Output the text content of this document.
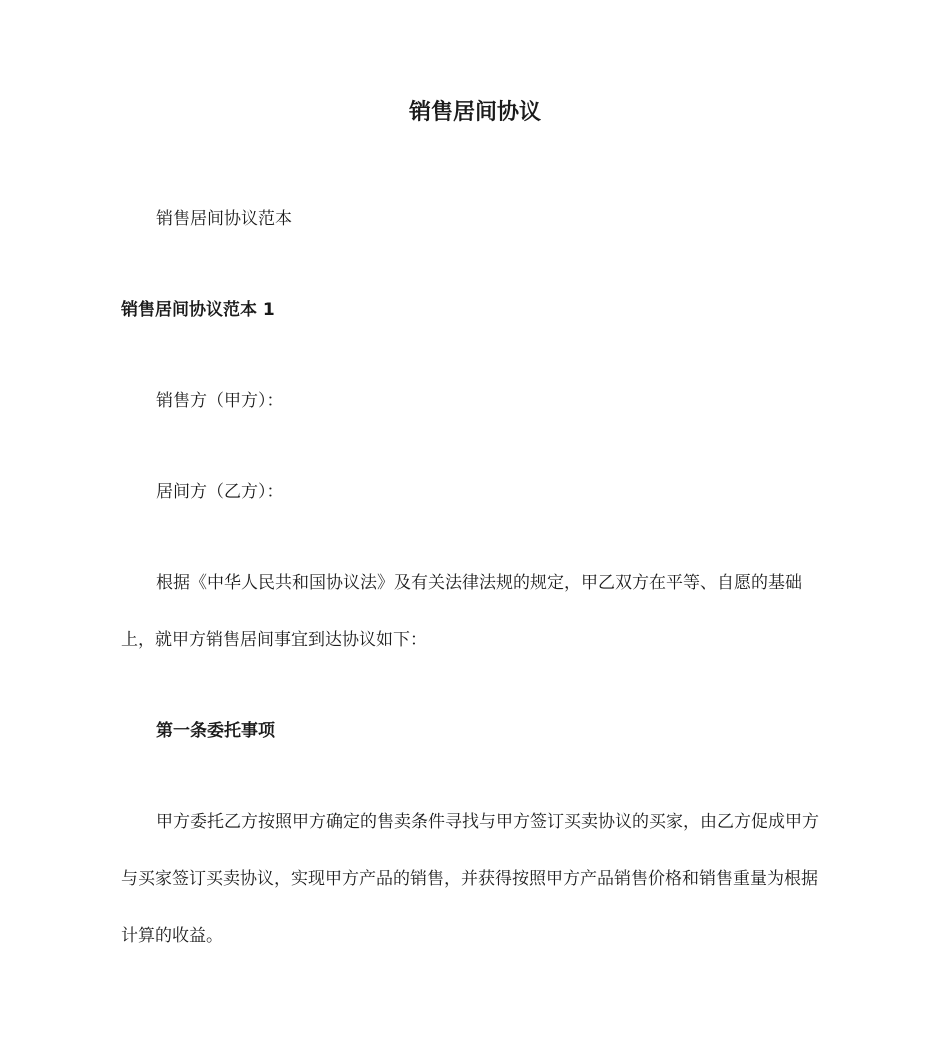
销售居间协议

销售居间协议范本

销售居间协议范本 1

销售方（甲方）：

居间方（乙方）：

根据《中华人民共和国协议法》及有关法律法规的规定，甲乙双方在平等、自愿的基础上，就甲方销售居间事宜到达协议如下：

第一条委托事项

甲方委托乙方按照甲方确定的售卖条件寻找与甲方签订买卖协议的买家，由乙方促成甲方与买家签订买卖协议，实现甲方产品的销售，并获得按照甲方产品销售价格和销售重量为根据计算的收益。
